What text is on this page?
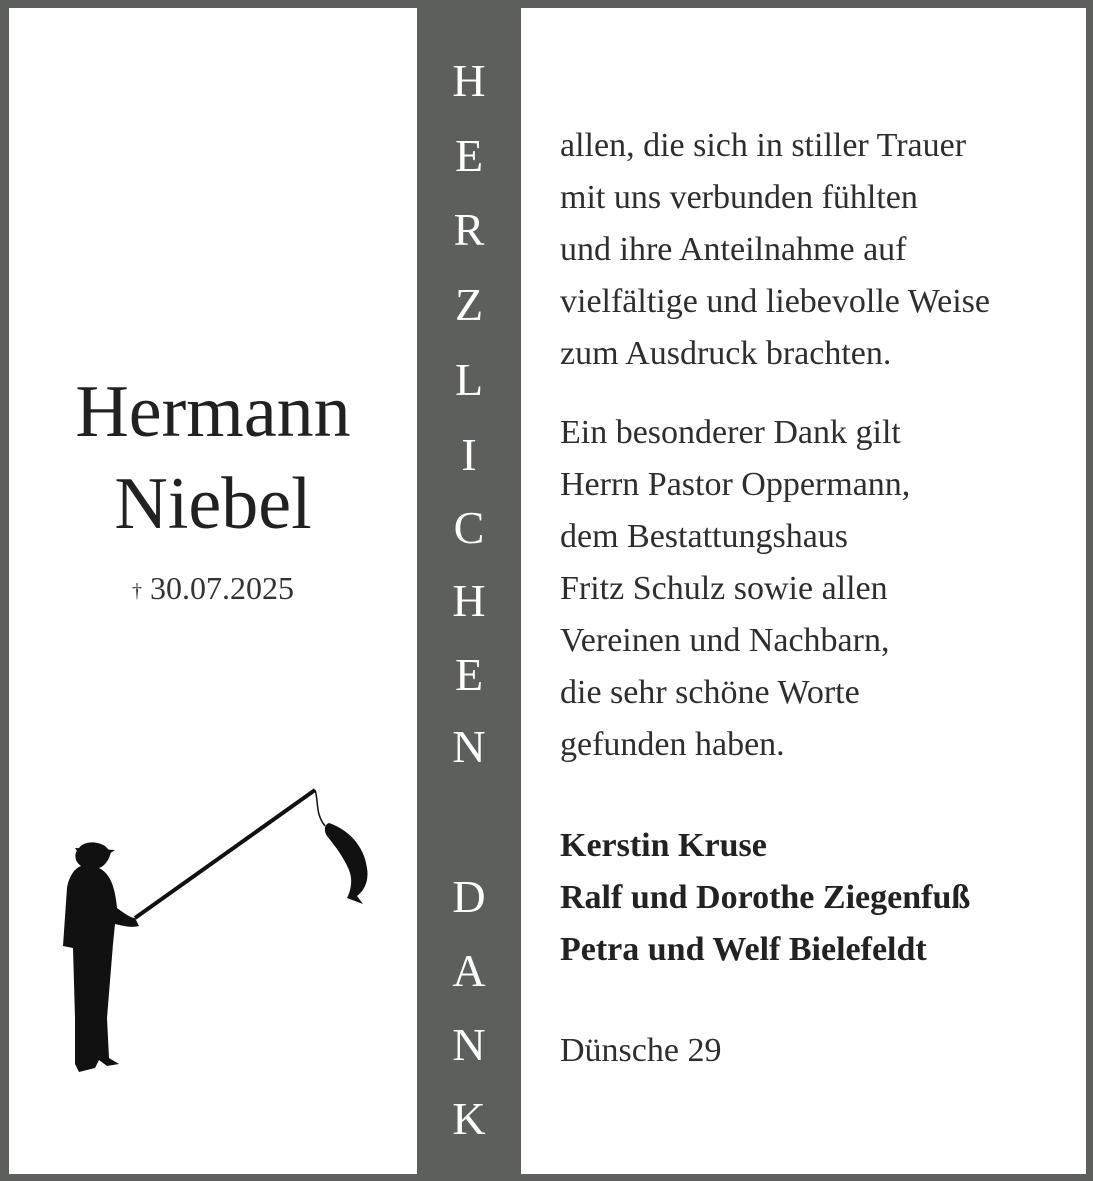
Hermann
Niebel
† 30.07.2025
H
E
R
Z
L
I
C
H
E
N
D
A
N
K

allen, die sich in stiller Trauer
mit uns verbunden fühlten
und ihre Anteilnahme auf
vielfältige und liebevolle Weise
zum Ausdruck brachten.

Ein besonderer Dank gilt
Herrn Pastor Oppermann,
dem Bestattungshaus
Fritz Schulz sowie allen
Vereinen und Nachbarn,
die sehr schöne Worte
gefunden haben.

Kerstin Kruse
Ralf und Dorothe Ziegenfuß
Petra und Welf Bielefeldt
Dünsche 29
